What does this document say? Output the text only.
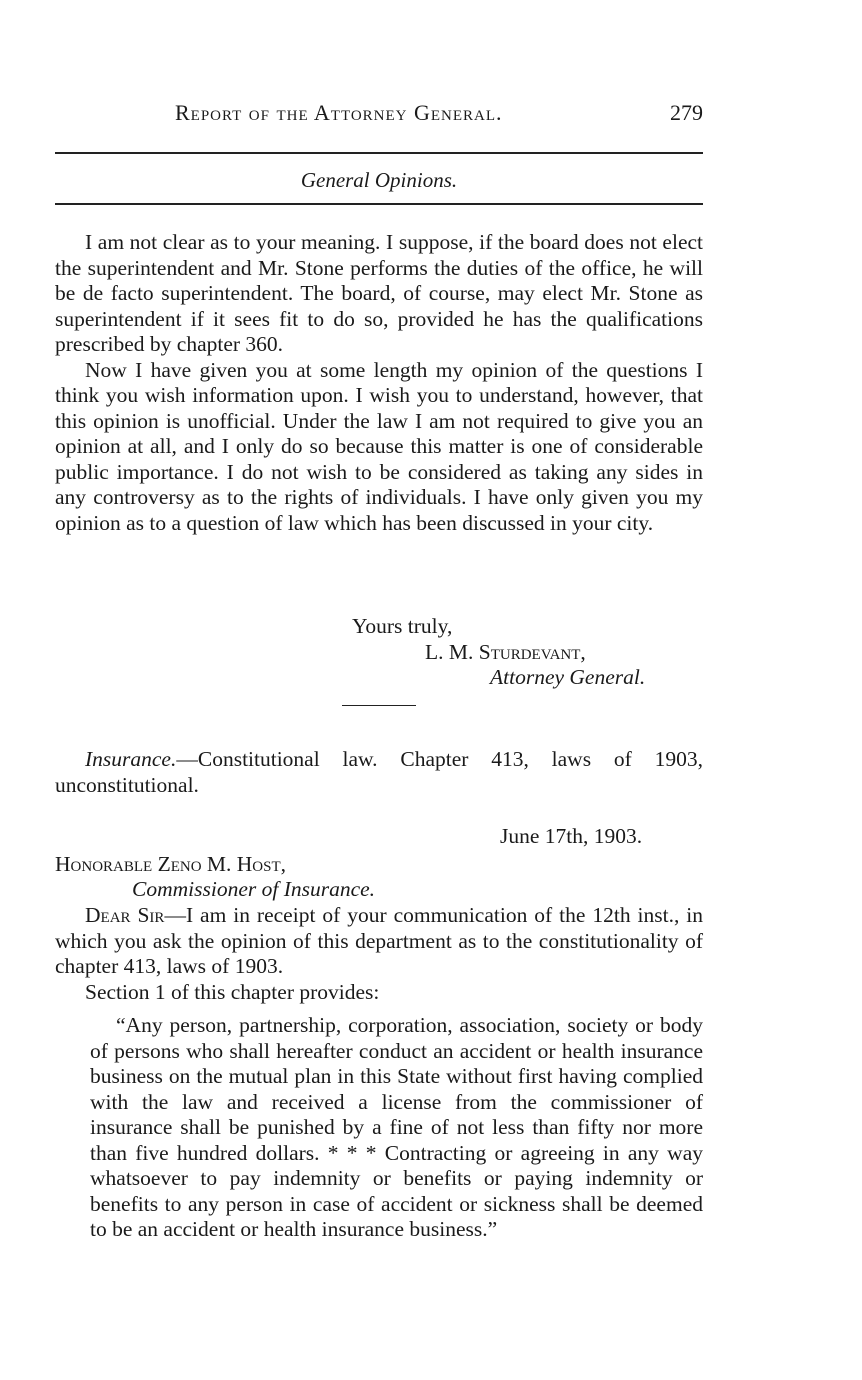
Report of the Attorney General.	279
General Opinions.

I am not clear as to your meaning. I suppose, if the board does not elect the superintendent and Mr. Stone performs the duties of the office, he will be de facto superintendent. The board, of course, may elect Mr. Stone as superintendent if it sees fit to do so, provided he has the qualifications prescribed by chapter 360.

Now I have given you at some length my opinion of the questions I think you wish information upon. I wish you to understand, however, that this opinion is unofficial. Under the law I am not required to give you an opinion at all, and I only do so because this matter is one of considerable public importance. I do not wish to be considered as taking any sides in any controversy as to the rights of individuals. I have only given you my opinion as to a question of law which has been discussed in your city.

Yours truly,
L. M. Sturdevant,
Attorney General.

Insurance.—Constitutional law. Chapter 413, laws of 1903, unconstitutional.

June 17th, 1903.
Honorable Zeno M. Host,
Commissioner of Insurance.

Dear Sir—I am in receipt of your communication of the 12th inst., in which you ask the opinion of this department as to the constitutionality of chapter 413, laws of 1903.

Section 1 of this chapter provides:

“Any person, partnership, corporation, association, society or body of persons who shall hereafter conduct an accident or health insurance business on the mutual plan in this State without first having complied with the law and received a license from the commissioner of insurance shall be punished by a fine of not less than fifty nor more than five hundred dollars. * * * Contracting or agreeing in any way whatsoever to pay indemnity or benefits or paying indemnity or benefits to any person in case of accident or sickness shall be deemed to be an accident or health insurance business.”
